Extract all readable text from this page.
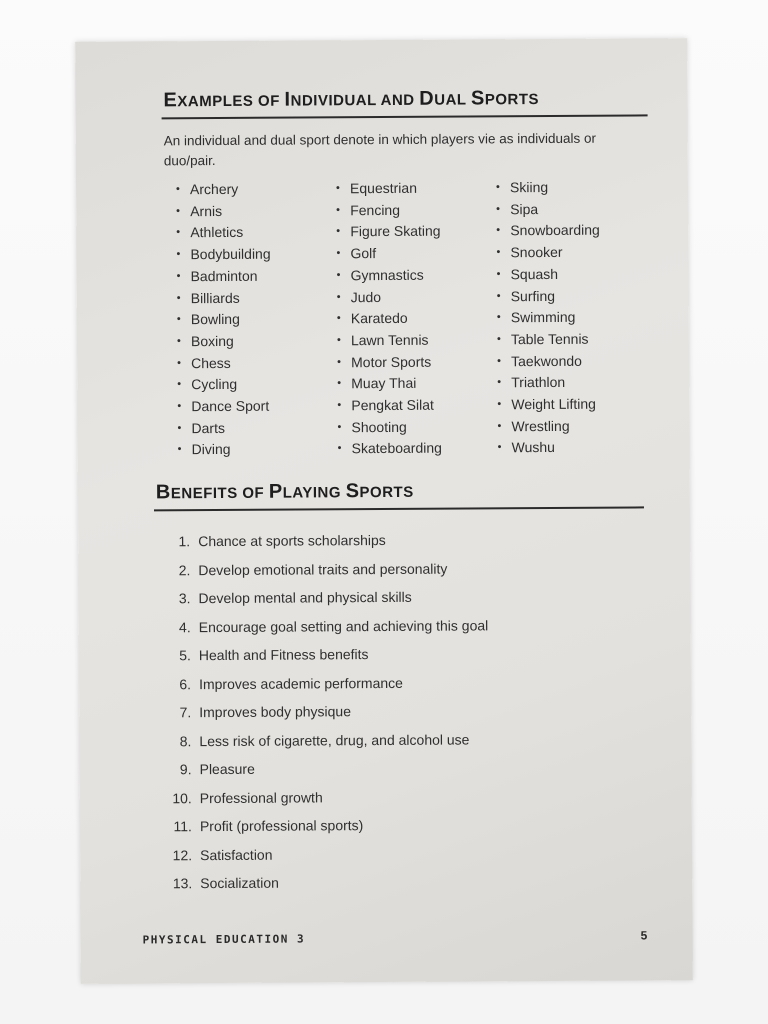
EXAMPLES OF INDIVIDUAL AND DUAL SPORTS
An individual and dual sport denote in which players vie as individuals or duo/pair.
• Archery
• Arnis
• Athletics
• Bodybuilding
• Badminton
• Billiards
• Bowling
• Boxing
• Chess
• Cycling
• Dance Sport
• Darts
• Diving
• Equestrian
• Fencing
• Figure Skating
• Golf
• Gymnastics
• Judo
• Karatedo
• Lawn Tennis
• Motor Sports
• Muay Thai
• Pengkat Silat
• Shooting
• Skateboarding
• Skiing
• Sipa
• Snowboarding
• Snooker
• Squash
• Surfing
• Swimming
• Table Tennis
• Taekwondo
• Triathlon
• Weight Lifting
• Wrestling
• Wushu
BENEFITS OF PLAYING SPORTS
1. Chance at sports scholarships
2. Develop emotional traits and personality
3. Develop mental and physical skills
4. Encourage goal setting and achieving this goal
5. Health and Fitness benefits
6. Improves academic performance
7. Improves body physique
8. Less risk of cigarette, drug, and alcohol use
9. Pleasure
10. Professional growth
11. Profit (professional sports)
12. Satisfaction
13. Socialization
PHYSICAL EDUCATION 3	5
